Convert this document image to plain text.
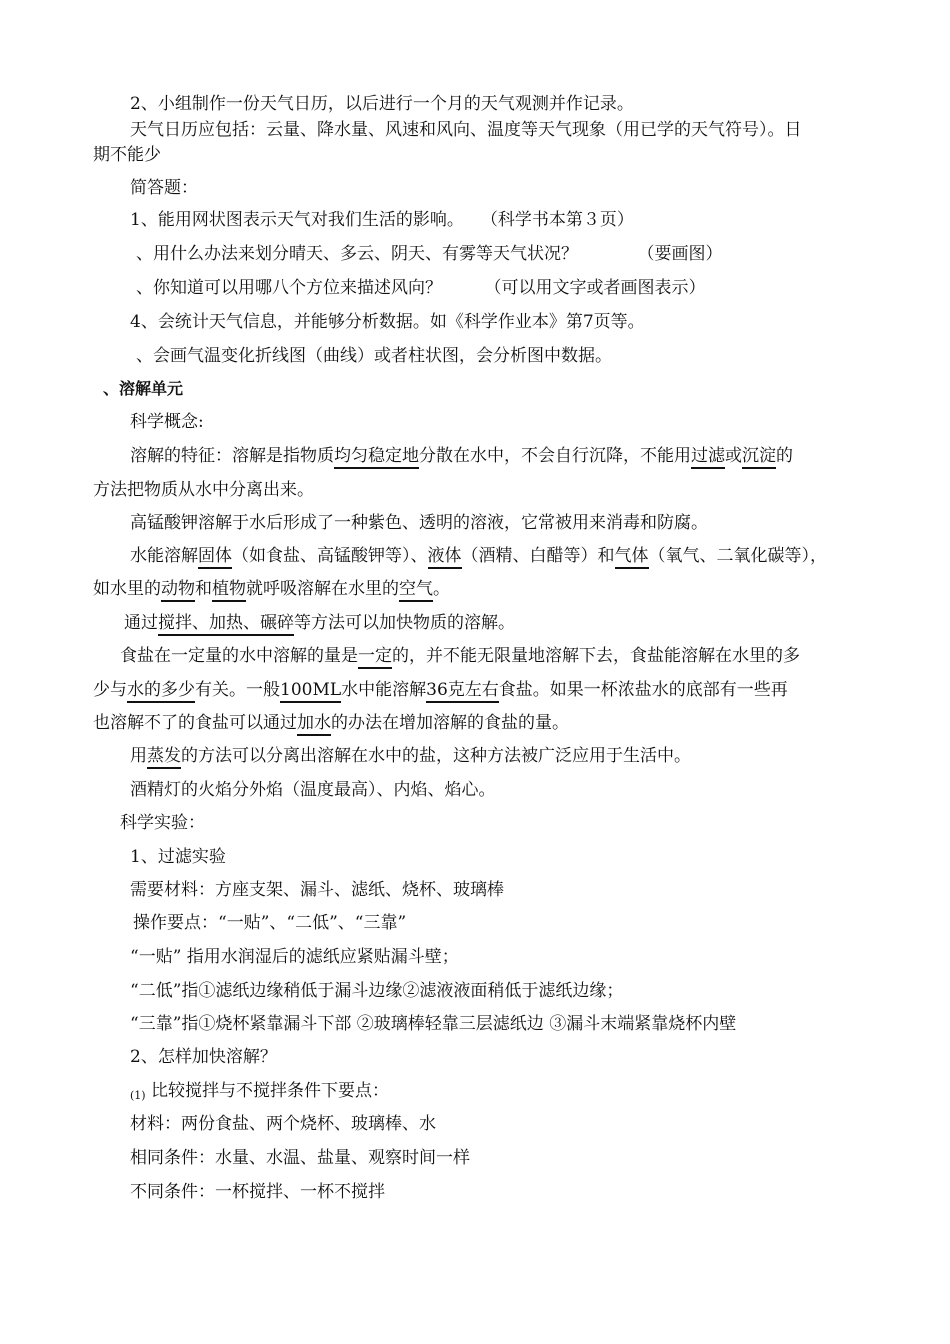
2、小组制作一份天气日历，以后进行一个月的天气观测并作记录。
天气日历应包括：云量、降水量、风速和风向、温度等天气现象（用已学的天气符号）。日
期不能少
简答题：
1、能用网状图表示天气对我们生活的影响。　　（科学书本第３页）
、用什么办法来划分晴天、多云、阴天、有雾等天气状况？　　　　（要画图）
、你知道可以用哪八个方位来描述风向？　　　（可以用文字或者画图表示）
4、会统计天气信息，并能够分析数据。如《科学作业本》第7页等。
、会画气温变化折线图（曲线）或者柱状图，会分析图中数据。
、溶解单元
科学概念:
溶解的特征：溶解是指物质均匀稳定地分散在水中，不会自行沉降，不能用过滤或沉淀的
方法把物质从水中分离出来。
高锰酸钾溶解于水后形成了一种紫色、透明的溶液，它常被用来消毒和防腐。
水能溶解固体（如食盐、高锰酸钾等）、液体（酒精、白醋等）和气体（氧气、二氧化碳等），
如水里的动物和植物就呼吸溶解在水里的空气。
通过搅拌、加热、碾碎等方法可以加快物质的溶解。
食盐在一定量的水中溶解的量是一定的，并不能无限量地溶解下去，食盐能溶解在水里的多
少与水的多少有关。一般100ML水中能溶解36克左右食盐。如果一杯浓盐水的底部有一些再
也溶解不了的食盐可以通过加水的办法在增加溶解的食盐的量。
用蒸发的方法可以分离出溶解在水中的盐，这种方法被广泛应用于生活中。
酒精灯的火焰分外焰（温度最高）、内焰、焰心。
科学实验：
1、过滤实验
需要材料：方座支架、漏斗、滤纸、烧杯、玻璃棒
操作要点：“一贴”、“二低”、“三靠”
“一贴” 指用水润湿后的滤纸应紧贴漏斗壁；
“二低”指①滤纸边缘稍低于漏斗边缘②滤液液面稍低于滤纸边缘；
“三靠”指①烧杯紧靠漏斗下部 ②玻璃棒轻靠三层滤纸边 ③漏斗末端紧靠烧杯内壁
2、怎样加快溶解？
(1) 比较搅拌与不搅拌条件下要点：
材料：两份食盐、两个烧杯、玻璃棒、水
相同条件：水量、水温、盐量、观察时间一样
不同条件：一杯搅拌、一杯不搅拌
